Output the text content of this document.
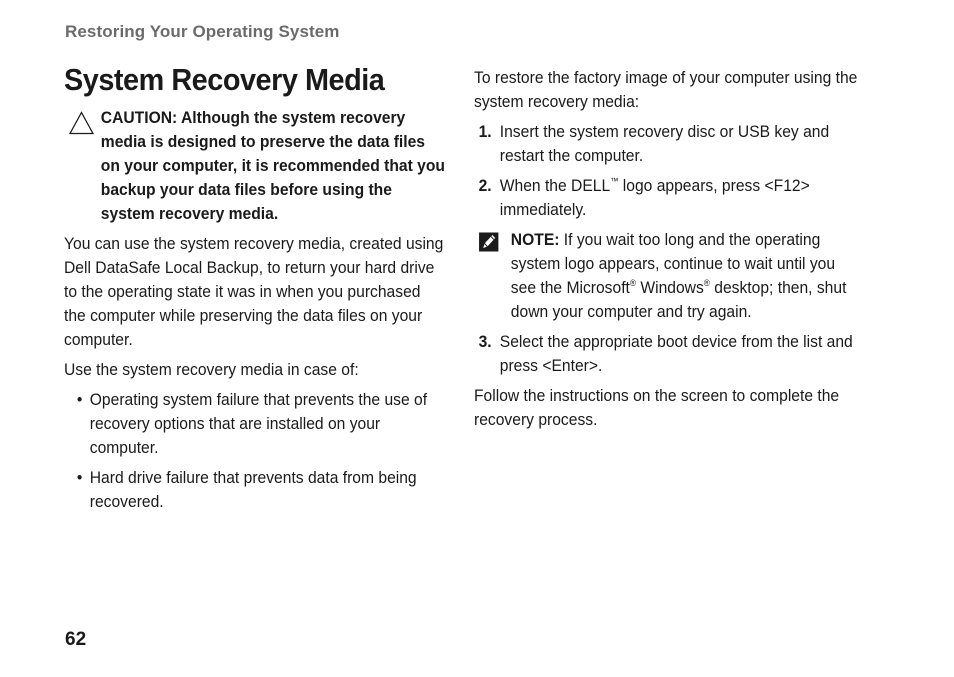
Restoring Your Operating System
System Recovery Media

CAUTION: Although the system recovery media is designed to preserve the data files on your computer, it is recommended that you backup your data files before using the system recovery media.

You can use the system recovery media, created using Dell DataSafe Local Backup, to return your hard drive to the operating state it was in when you purchased the computer while preserving the data files on your computer.

Use the system recovery media in case of:

• Operating system failure that prevents the use of recovery options that are installed on your computer.
• Hard drive failure that prevents data from being recovered.

To restore the factory image of your computer using the system recovery media:

1. Insert the system recovery disc or USB key and restart the computer.
2. When the DELL™ logo appears, press <F12> immediately.

NOTE: If you wait too long and the operating system logo appears, continue to wait until you see the Microsoft® Windows® desktop; then, shut down your computer and try again.

3. Select the appropriate boot device from the list and press <Enter>.

Follow the instructions on the screen to complete the recovery process.

62
